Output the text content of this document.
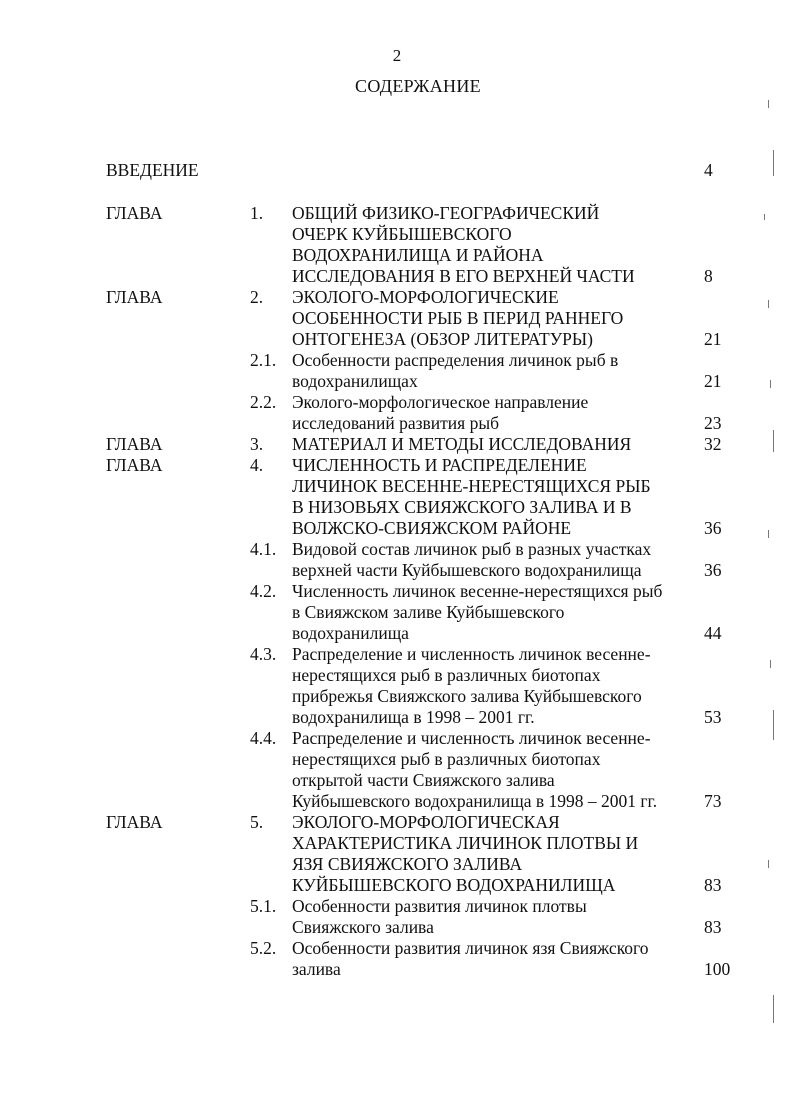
2
СОДЕРЖАНИЕ
ВВЕДЕНИЕ	4
ГЛАВА	1. ОБЩИЙ ФИЗИКО-ГЕОГРАФИЧЕСКИЙ
ОЧЕРК КУЙБЫШЕВСКОГО
ВОДОХРАНИЛИЩА И РАЙОНА
ИССЛЕДОВАНИЯ В ЕГО ВЕРХНЕЙ ЧАСТИ	8
ГЛАВА	2. ЭКОЛОГО-МОРФОЛОГИЧЕСКИЕ
ОСОБЕННОСТИ РЫБ В ПЕРИД РАННЕГО
ОНТОГЕНЕЗА (ОБЗОР ЛИТЕРАТУРЫ)	21
2.1. Особенности распределения личинок рыб в
водохранилищах	21
2.2. Эколого-морфологическое направление
исследований развития рыб	23
ГЛАВА	3. МАТЕРИАЛ И МЕТОДЫ ИССЛЕДОВАНИЯ	32
ГЛАВА	4. ЧИСЛЕННОСТЬ И РАСПРЕДЕЛЕНИЕ
ЛИЧИНОК ВЕСЕННЕ-НЕРЕСТЯЩИХСЯ РЫБ
В НИЗОВЬЯХ СВИЯЖСКОГО ЗАЛИВА И В
ВОЛЖСКО-СВИЯЖСКОМ РАЙОНЕ	36
4.1. Видовой состав личинок рыб в разных участках
верхней части Куйбышевского водохранилища	36
4.2. Численность личинок весенне-нерестящихся рыб
в Свияжском заливе Куйбышевского
водохранилища	44
4.3. Распределение и численность личинок весенне-
нерестящихся рыб в различных биотопах
прибрежья Свияжского залива Куйбышевского
водохранилища в 1998 – 2001 гг.	53
4.4. Распределение и численность личинок весенне-
нерестящихся рыб в различных биотопах
открытой части Свияжского залива
Куйбышевского водохранилища в 1998 – 2001 гг.	73
ГЛАВА	5. ЭКОЛОГО-МОРФОЛОГИЧЕСКАЯ
ХАРАКТЕРИСТИКА ЛИЧИНОК ПЛОТВЫ И
ЯЗЯ СВИЯЖСКОГО ЗАЛИВА
КУЙБЫШЕВСКОГО ВОДОХРАНИЛИЩА	83
5.1. Особенности развития личинок плотвы
Свияжского залива	83
5.2. Особенности развития личинок язя Свияжского
залива	100
